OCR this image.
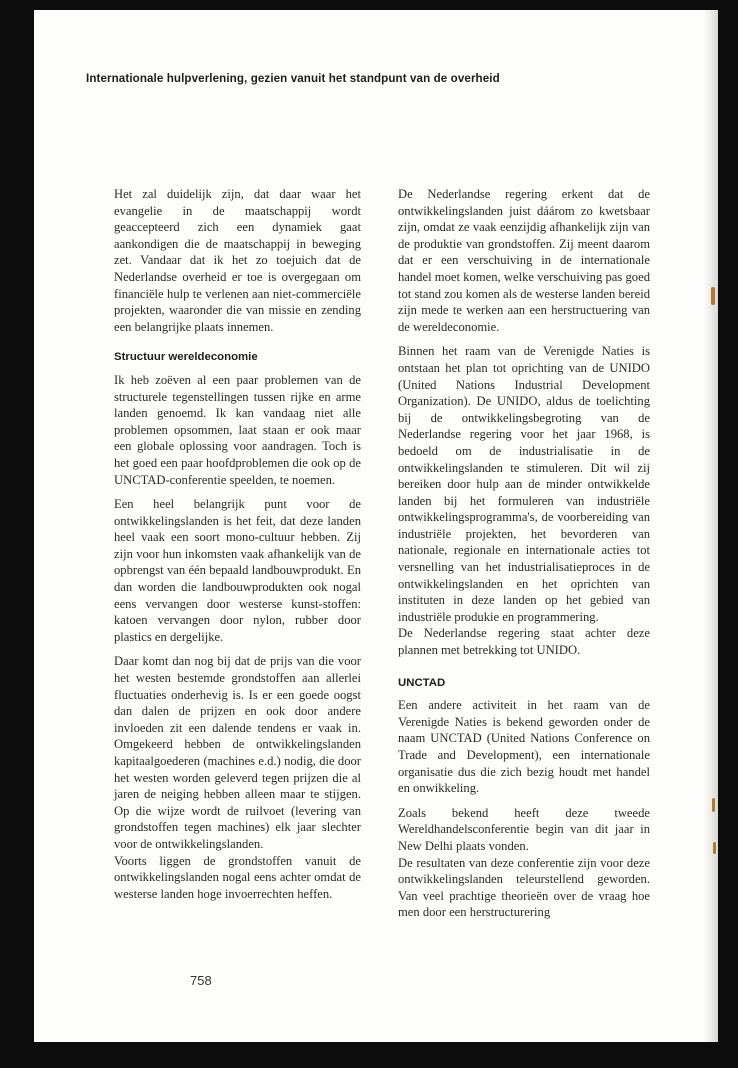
Internationale hulpverlening, gezien vanuit het standpunt van de overheid

Het zal duidelijk zijn, dat daar waar het evangelie in de maatschappij wordt geaccepteerd zich een dynamiek gaat aankondigen die de maatschappij in beweging zet. Vandaar dat ik het zo toejuich dat de Nederlandse overheid er toe is overgegaan om financiële hulp te verlenen aan niet-commerciële projekten, waaronder die van missie en zending een belangrijke plaats innemen.

Structuur wereldeconomie

Ik heb zoëven al een paar problemen van de structurele tegenstellingen tussen rijke en arme landen genoemd. Ik kan vandaag niet alle problemen opsommen, laat staan er ook maar een globale oplossing voor aandragen. Toch is het goed een paar hoofdproblemen die ook op de UNCTAD-conferentie speelden, te noemen.

Een heel belangrijk punt voor de ontwikkelingslanden is het feit, dat deze landen heel vaak een soort mono-cultuur hebben. Zij zijn voor hun inkomsten vaak afhankelijk van de opbrengst van één bepaald landbouwprodukt. En dan worden die landbouwprodukten ook nogal eens vervangen door westerse kunst-stoffen: katoen vervangen door nylon, rubber door plastics en dergelijke.

Daar komt dan nog bij dat de prijs van die voor het westen bestemde grondstoffen aan allerlei fluctuaties onderhevig is. Is er een goede oogst dan dalen de prijzen en ook door andere invloeden zit een dalende tendens er vaak in. Omgekeerd hebben de ontwikkelingslanden kapitaalgoederen (machines e.d.) nodig, die door het westen worden geleverd tegen prijzen die al jaren de neiging hebben alleen maar te stijgen. Op die wijze wordt de ruilvoet (levering van grondstoffen tegen machines) elk jaar slechter voor de ontwikkelingslanden.

Voorts liggen de grondstoffen vanuit de ontwikkelingslanden nogal eens achter omdat de westerse landen hoge invoerrechten heffen.

De Nederlandse regering erkent dat de ontwikkelingslanden juist dáárom zo kwetsbaar zijn, omdat ze vaak eenzijdig afhankelijk zijn van de produktie van grondstoffen. Zij meent daarom dat er een verschuiving in de internationale handel moet komen, welke verschuiving pas goed tot stand zou komen als de westerse landen bereid zijn mede te werken aan een herstructuering van de wereldeconomie.

Binnen het raam van de Verenigde Naties is ontstaan het plan tot oprichting van de UNIDO (United Nations Industrial Development Organization). De UNIDO, aldus de toelichting bij de ontwikkelingsbegroting van de Nederlandse regering voor het jaar 1968, is bedoeld om de industrialisatie in de ontwikkelingslanden te stimuleren. Dit wil zij bereiken door hulp aan de minder ontwikkelde landen bij het formuleren van industriële ontwikkelingsprogramma's, de voorbereiding van industriële projekten, het bevorderen van nationale, regionale en internationale acties tot versnelling van het industrialisatieproces in de ontwikkelingslanden en het oprichten van instituten in deze landen op het gebied van industriële produkie en programmering.

De Nederlandse regering staat achter deze plannen met betrekking tot UNIDO.

UNCTAD

Een andere activiteit in het raam van de Verenigde Naties is bekend geworden onder de naam UNCTAD (United Nations Conference on Trade and Development), een internationale organisatie dus die zich bezig houdt met handel en onwikkeling.

Zoals bekend heeft deze tweede Wereldhandelsconferentie begin van dit jaar in New Delhi plaats vonden.

De resultaten van deze conferentie zijn voor deze ontwikkelingslanden teleurstellend geworden. Van veel prachtige theorieën over de vraag hoe men door een herstructurering

758
